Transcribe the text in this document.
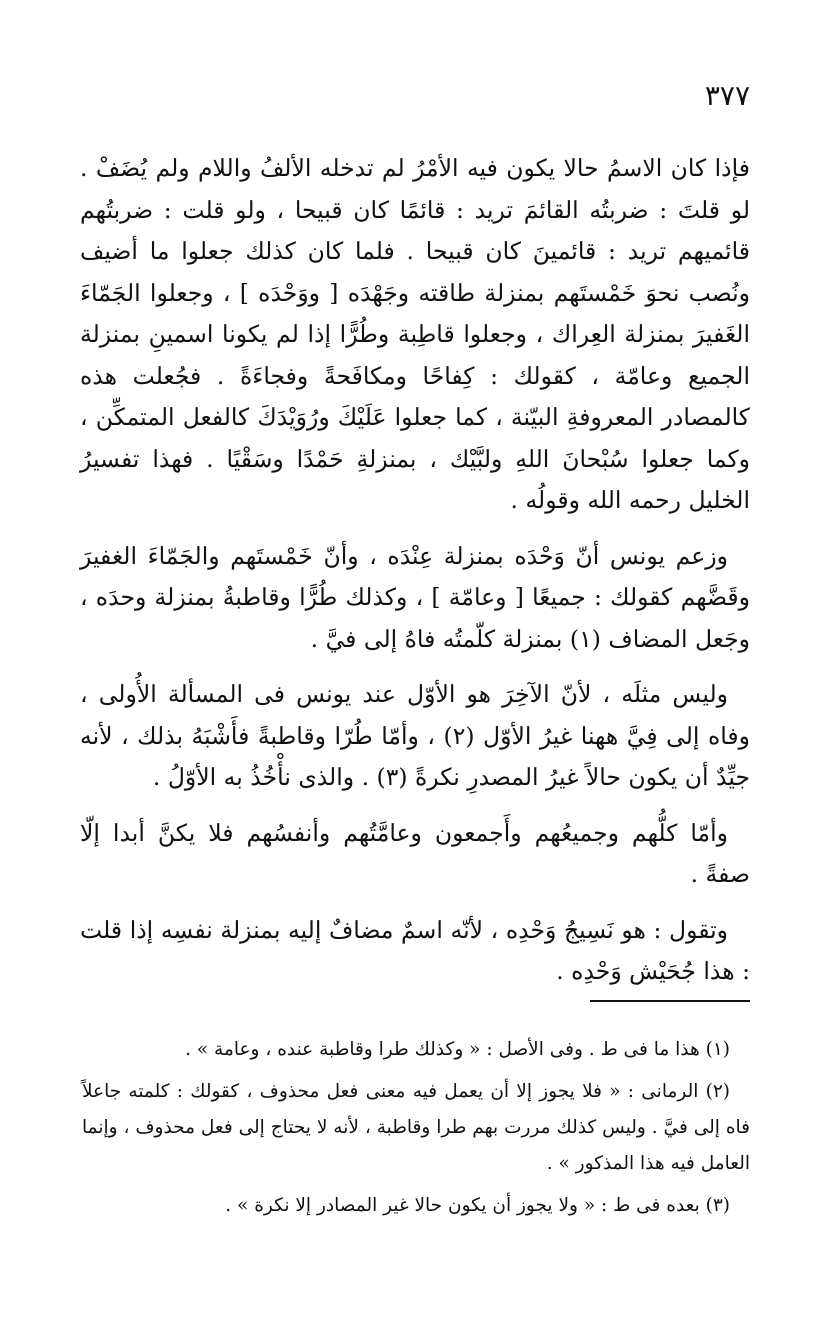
٣٧٧

فإذا كان الاسمُ حالا يكون فيه الأمْرُ لم تدخله الألفُ واللام ولم يُضَفْ . لو قلتَ : ضربتُه القائمَ تريد : قائمًا كان قبيحا ، ولو قلت : ضربتُهم قائميهم تريد : قائمينَ كان قبيحا . فلما كان كذلك جعلوا ما أضيف ونُصب نحوَ خَمْستَهم بمنزلة طاقته وجَهْدَه [ ووَحْدَه ] ، وجعلوا الجَمّاءَ الغَفيرَ بمنزلة العِراك ، وجعلوا قاطِبة وطُرًّا إذا لم يكونا اسمينِ بمنزلة الجميع وعامّة ، كقولك : كِفاحًا ومكافَحةً وفجاءَةً . فجُعلت هذه كالمصادر المعروفةِ البيّنة ، كما جعلوا عَلَيْكَ ورُوَيْدَكَ كالفعل المتمكِّن ، وكما جعلوا سُبْحانَ اللهِ ولبَّيْك ، بمنزلةِ حَمْدًا وسَقْيًا . فهذا تفسيرُ الخليل رحمه الله وقولُه .

وزعم يونس أنّ وَحْدَه بمنزلة عِنْدَه ، وأنّ خَمْستَهم والجَمّاءَ الغفيرَ وقَضَّهم كقولك : جميعًا [ وعامّة ] ، وكذلك طُرًّا وقاطبةُ بمنزلة وحدَه ، وجَعل المضاف (١) بمنزلة كلّمتُه فاهُ إلى فيَّ .

وليس مثلَه ، لأنّ الآخِرَ هو الأوّل عند يونس فى المسألة الأُولى ، وفاه إلى فِيَّ ههنا غيرُ الأوّل (٢) ، وأمّا طُرّا وقاطبةً فأَشْبَهُ بذلك ، لأنه جيِّدٌ أن يكون حالاً غيرُ المصدرِ نكرةً (٣) . والذى نأْخُذُ به الأوّلُ .

وأمّا كلُّهم وجميعُهم وأَجمعون وعامَّتُهم وأنفسُهم فلا يكنَّ أبدا إلّا صفةً .

وتقول : هو نَسِيجُ وَحْدِه ، لأنّه اسمٌ مضافٌ إليه بمنزلة نفسِه إذا قلت : هذا جُحَيْش وَحْدِه .

(١) هذا ما فى ط . وفى الأصل : « وكذلك طرا وقاطبة عنده ، وعامة » .

(٢) الرمانى : « فلا يجوز إلا أن يعمل فيه معنى فعل محذوف ، كقولك : كلمته جاعلاً فاه إلى فيَّ . وليس كذلك مررت بهم طرا وقاطبة ، لأنه لا يحتاج إلى فعل محذوف ، وإنما العامل فيه هذا المذكور » .

(٣) بعده فى ط : « ولا يجوز أن يكون حالا غير المصادر إلا نكرة » .
